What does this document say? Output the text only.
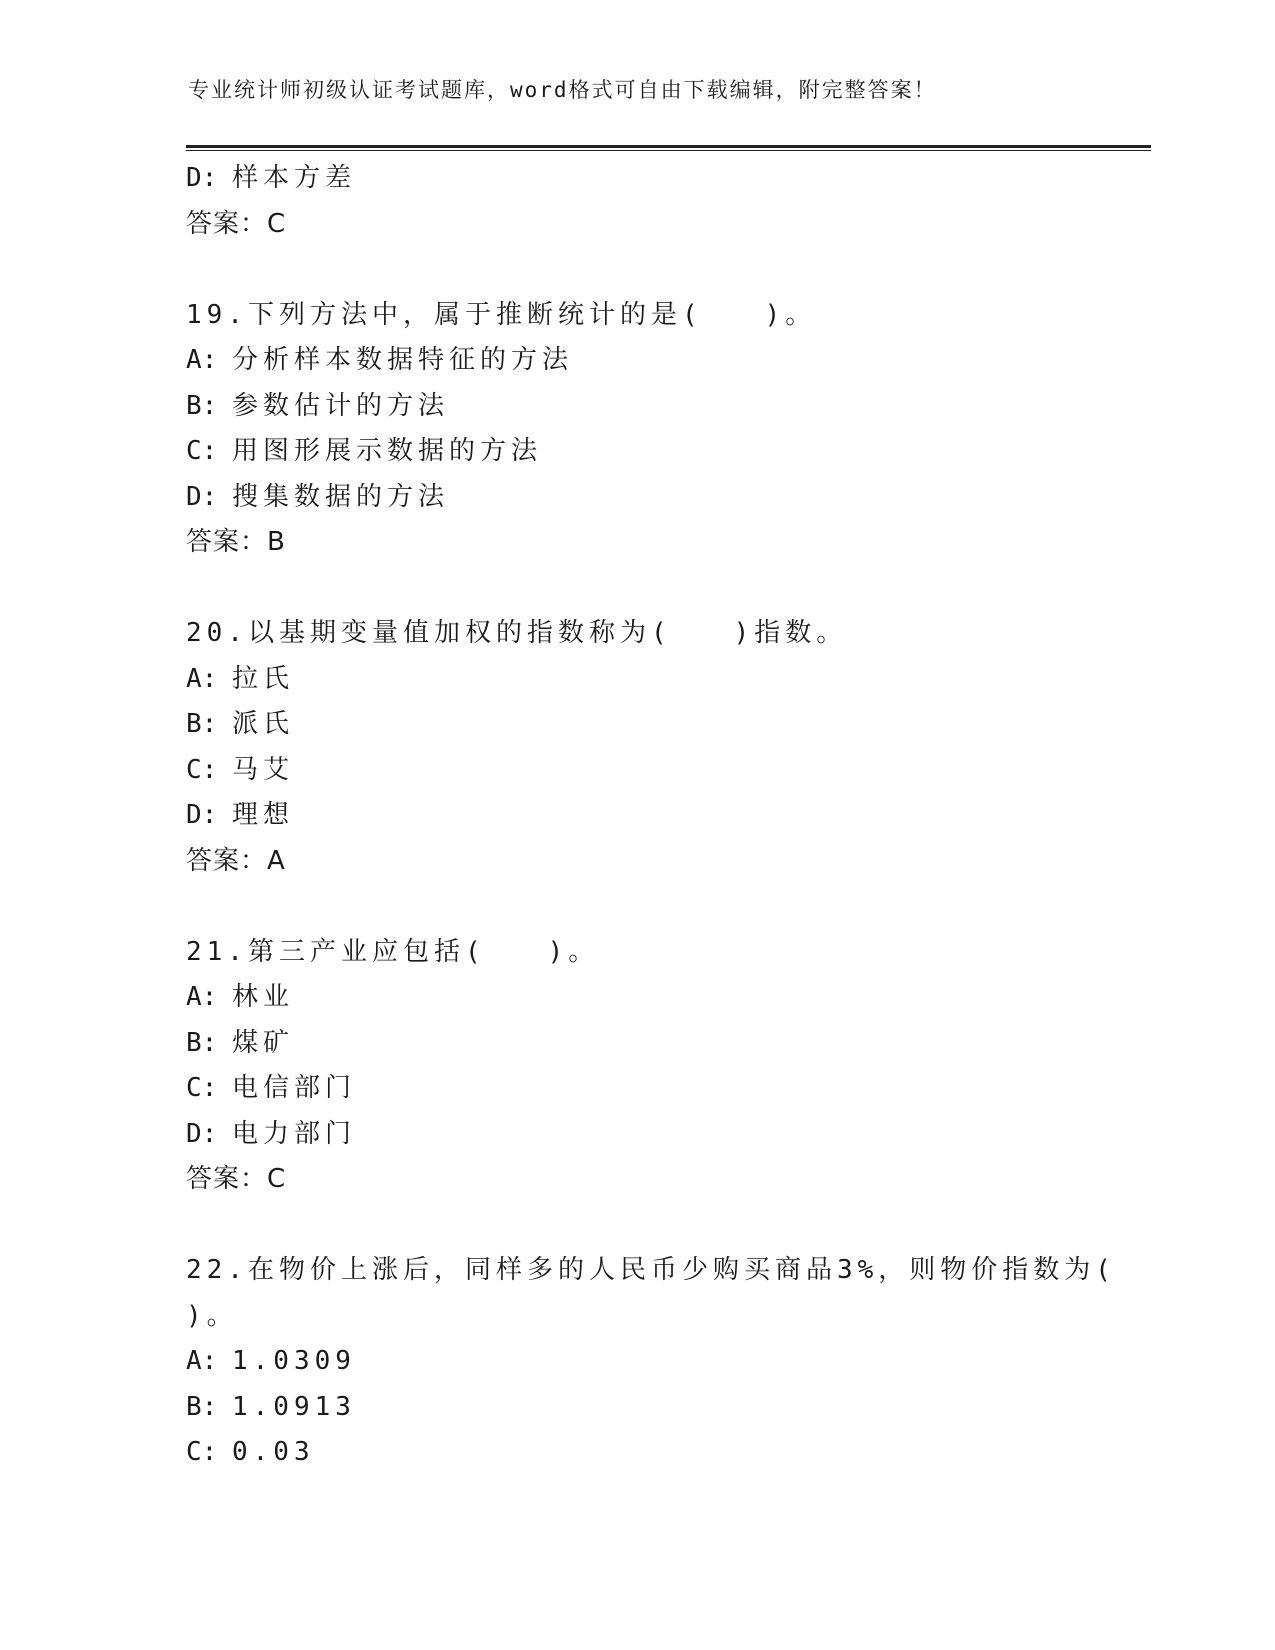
专业统计师初级认证考试题库，word格式可自由下载编辑，附完整答案！
D: 样本方差
答案：C
19.下列方法中，属于推断统计的是(　　)。
A: 分析样本数据特征的方法
B: 参数估计的方法
C: 用图形展示数据的方法
D: 搜集数据的方法
答案：B
20.以基期变量值加权的指数称为(　　)指数。
A: 拉氏
B: 派氏
C: 马艾
D: 理想
答案：A
21.第三产业应包括(　　)。
A: 林业
B: 煤矿
C: 电信部门
D: 电力部门
答案：C
22.在物价上涨后，同样多的人民币少购买商品3%，则物价指数为(
)。
A: 1.0309
B: 1.0913
C: 0.03
